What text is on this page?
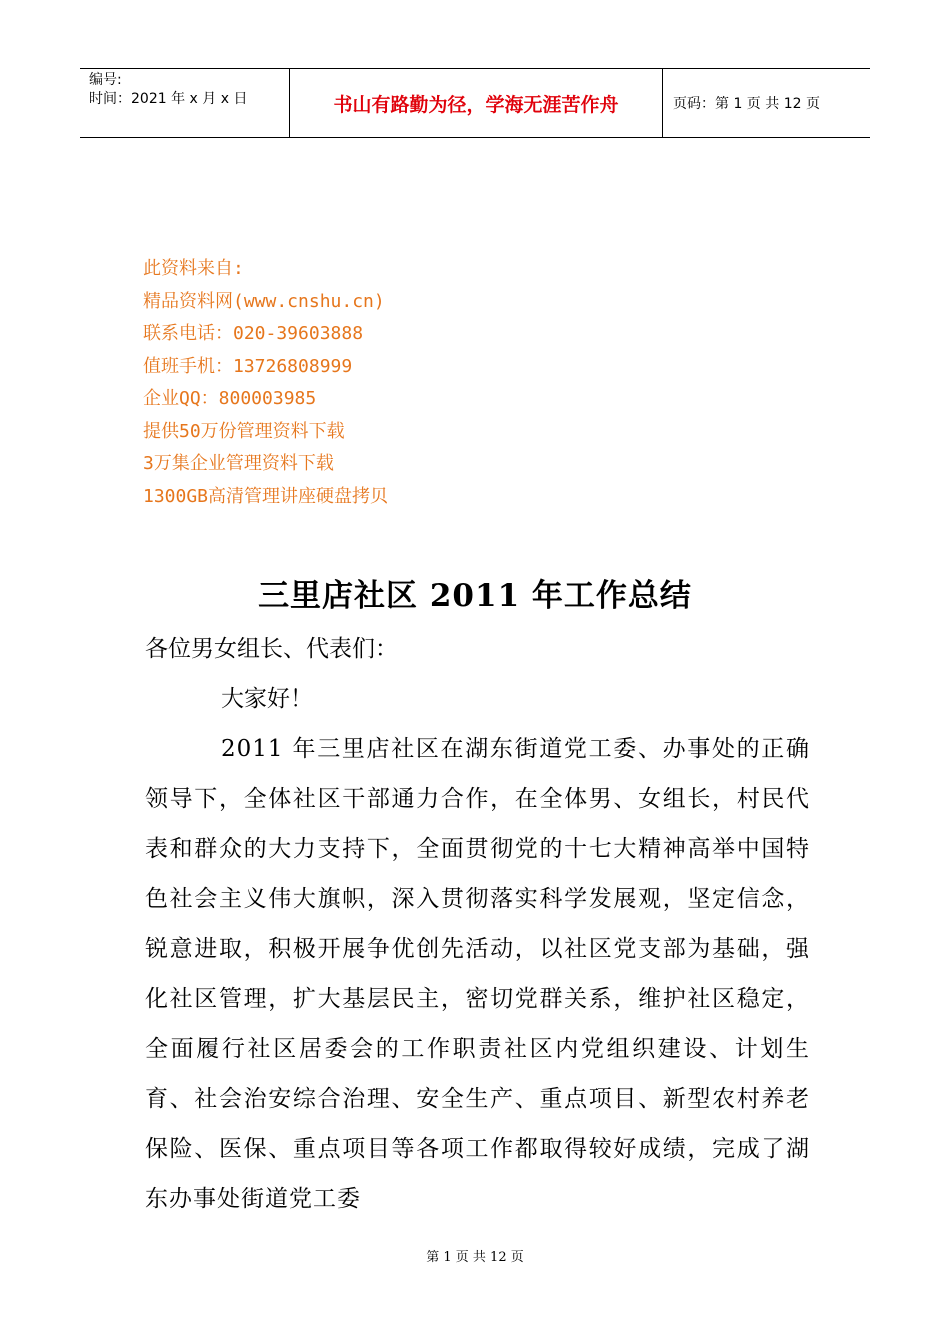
编号:
时间：2021 年 x 月 x 日	书山有路勤为径，学海无涯苦作舟	页码：第 1 页 共 12 页
此资料来自:
精品资料网(www.cnshu.cn)
联系电话：020-39603888
值班手机：13726808999
企业QQ：800003985
提供50万份管理资料下载
3万集企业管理资料下载
1300GB高清管理讲座硬盘拷贝
三里店社区 2011 年工作总结

各位男女组长、代表们：

大家好！

2011 年三里店社区在湖东街道党工委、办事处的正确领导下，全体社区干部通力合作，在全体男、女组长，村民代表和群众的大力支持下，全面贯彻党的十七大精神高举中国特色社会主义伟大旗帜，深入贯彻落实科学发展观，坚定信念，锐意进取，积极开展争优创先活动，以社区党支部为基础，强化社区管理，扩大基层民主，密切党群关系，维护社区稳定，全面履行社区居委会的工作职责社区内党组织建设、计划生育、社会治安综合治理、安全生产、重点项目、新型农村养老保险、医保、重点项目等各项工作都取得较好成绩，完成了湖东办事处街道党工委

第 1 页 共 12 页
